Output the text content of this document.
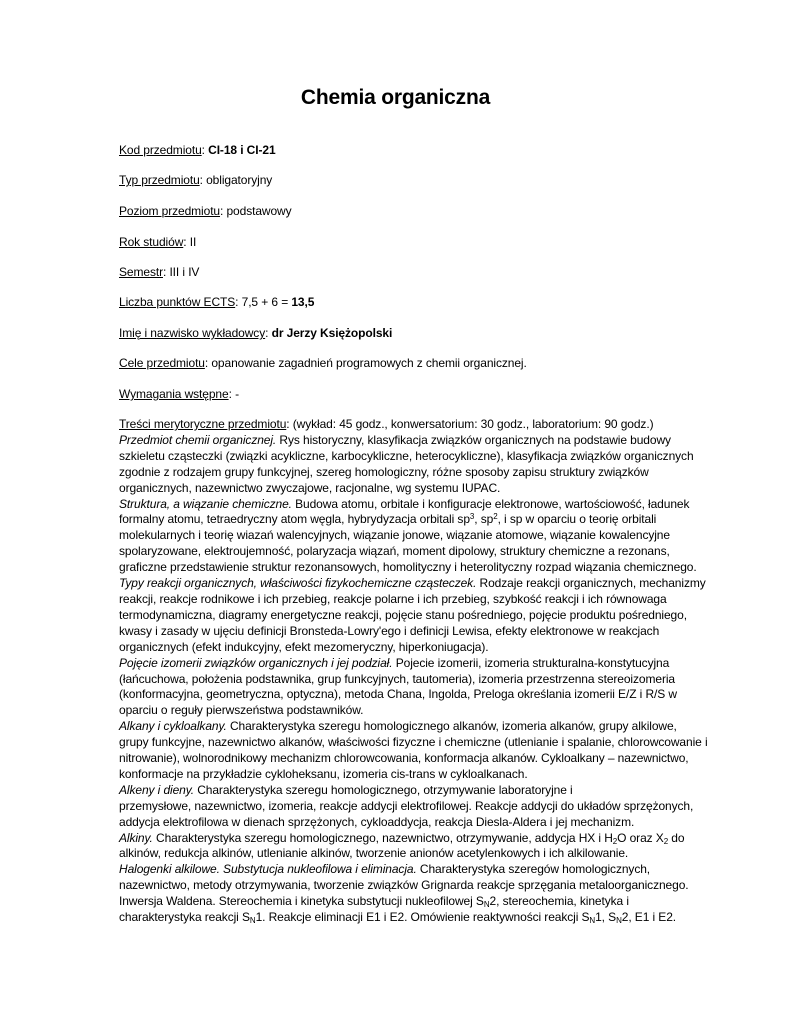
Chemia organiczna

Kod przedmiotu: CI-18 i CI-21

Typ przedmiotu: obligatoryjny

Poziom przedmiotu: podstawowy

Rok studiów: II

Semestr: III i IV

Liczba punktów ECTS: 7,5 + 6 = 13,5

Imię i nazwisko wykładowcy: dr Jerzy Księżopolski

Cele przedmiotu: opanowanie zagadnień programowych z chemii organicznej.

Wymagania wstępne: -

Treści merytoryczne przedmiotu: (wykład: 45 godz., konwersatorium: 30 godz., laboratorium: 90 godz.)
Przedmiot chemii organicznej. Rys historyczny, klasyfikacja związków organicznych na podstawie budowy
szkieletu cząsteczki (związki acykliczne, karbocykliczne, heterocykliczne), klasyfikacja związków organicznych
zgodnie z rodzajem grupy funkcyjnej, szereg homologiczny, różne sposoby zapisu struktury związków
organicznych, nazewnictwo zwyczajowe, racjonalne, wg systemu IUPAC.
Struktura, a wiązanie chemiczne. Budowa atomu, orbitale i konfiguracje elektronowe, wartościowość, ładunek
formalny atomu, tetraedryczny atom węgla, hybrydyzacja orbitali $sp^3$, $sp^2$, i sp w oparciu o teorię orbitali
molekularnych i teorię wiazań walencyjnych, wiązanie jonowe, wiązanie atomowe, wiązanie kowalencyjne
spolaryzowane, elektroujemność, polaryzacja wiązań, moment dipolowy, struktury chemiczne a rezonans,
graficzne przedstawienie struktur rezonansowych, homolityczny i heterolityczny rozpad wiązania chemicznego.
Typy reakcji organicznych, właściwości fizykochemiczne cząsteczek. Rodzaje reakcji organicznych, mechanizmy
reakcji, reakcje rodnikowe i ich przebieg, reakcje polarne i ich przebieg, szybkość reakcji i ich równowaga
termodynamiczna, diagramy energetyczne reakcji, pojęcie stanu pośredniego, pojęcie produktu pośredniego,
kwasy i zasady w ujęciu definicji Bronsteda-Lowry'ego i definicji Lewisa, efekty elektronowe w reakcjach
organicznych (efekt indukcyjny, efekt mezomeryczny, hiperkoniugacja).
Pojęcie izomerii związków organicznych i jej podział. Pojecie izomerii, izomeria strukturalna-konstytucyjna
(łańcuchowa, położenia podstawnika, grup funkcyjnych, tautomeria), izomeria przestrzenna stereoizomeria
(konformacyjna, geometryczna, optyczna), metoda Chana, Ingolda, Preloga określania izomerii E/Z i R/S w
oparciu o reguły pierwszeństwa podstawników.
Alkany i cykloalkany. Charakterystyka szeregu homologicznego alkanów, izomeria alkanów, grupy alkilowe,
grupy funkcyjne, nazewnictwo alkanów, właściwości fizyczne i chemiczne (utlenianie i spalanie, chlorowcowanie i
nitrowanie), wolnorodnikowy mechanizm chlorowcowania, konformacja alkanów. Cykloalkany – nazewnictwo,
konformacje na przykładzie cykloheksanu, izomeria cis-trans w cykloalkanach.
Alkeny i dieny. Charakterystyka szeregu homologicznego, otrzymywanie laboratoryjne i
przemysłowe, nazewnictwo, izomeria, reakcje addycji elektrofilowej. Reakcje addycji do układów sprzężonych,
addycja elektrofilowa w dienach sprzężonych, cykloaddycja, reakcja Diesla-Aldera i jej mechanizm.
Alkiny. Charakterystyka szeregu homologicznego, nazewnictwo, otrzymywanie, addycja HX i $H_2O$ oraz $X_2$ do
alkinów, redukcja alkinów, utlenianie alkinów, tworzenie anionów acetylenkowych i ich alkilowanie.
Halogenki alkilowe. Substytucja nukleofilowa i eliminacja. Charakterystyka szeregów homologicznych,
nazewnictwo, metody otrzymywania, tworzenie związków Grignarda reakcje sprzęgania metaloorganicznego.
Inwersja Waldena. Stereochemia i kinetyka substytucji nukleofilowej $S_N2$, stereochemia, kinetyka i
charakterystyka reakcji $S_N1$. Reakcje eliminacji E1 i E2. Omówienie reaktywności reakcji $S_N1$, $S_N2$, E1 i E2.
